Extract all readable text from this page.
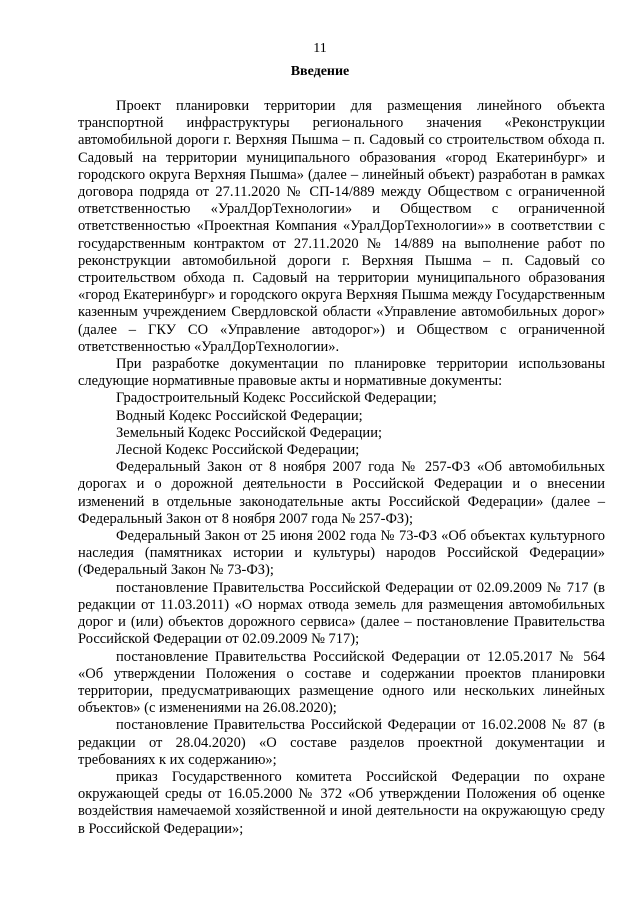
11
Введение

Проект планировки территории для размещения линейного объекта транспортной инфраструктуры регионального значения «Реконструкции автомобильной дороги г. Верхняя Пышма – п. Садовый со строительством обхода п. Садовый на территории муниципального образования «город Екатеринбург» и городского округа Верхняя Пышма» (далее – линейный объект) разработан в рамках договора подряда от 27.11.2020 № СП-14/889 между Обществом с ограниченной ответственностью «УралДорТехнологии» и Обществом с ограниченной ответственностью «Проектная Компания «УралДорТехнологии»» в соответствии с государственным контрактом от 27.11.2020 № 14/889 на выполнение работ по реконструкции автомобильной дороги г. Верхняя Пышма – п. Садовый со строительством обхода п. Садовый на территории муниципального образования «город Екатеринбург» и городского округа Верхняя Пышма между Государственным казенным учреждением Свердловской области «Управление автомобильных дорог» (далее – ГКУ СО «Управление автодорог») и Обществом с ограниченной ответственностью «УралДорТехнологии».

При разработке документации по планировке территории использованы следующие нормативные правовые акты и нормативные документы:

Градостроительный Кодекс Российской Федерации;

Водный Кодекс Российской Федерации;

Земельный Кодекс Российской Федерации;

Лесной Кодекс Российской Федерации;

Федеральный Закон от 8 ноября 2007 года № 257-ФЗ «Об автомобильных дорогах и о дорожной деятельности в Российской Федерации и о внесении изменений в отдельные законодательные акты Российской Федерации» (далее – Федеральный Закон от 8 ноября 2007 года № 257-ФЗ);

Федеральный Закон от 25 июня 2002 года № 73-ФЗ «Об объектах культурного наследия (памятниках истории и культуры) народов Российской Федерации» (Федеральный Закон № 73-ФЗ);

постановление Правительства Российской Федерации от 02.09.2009 № 717 (в редакции от 11.03.2011) «О нормах отвода земель для размещения автомобильных дорог и (или) объектов дорожного сервиса» (далее – постановление Правительства Российской Федерации от 02.09.2009 № 717);

постановление Правительства Российской Федерации от 12.05.2017 № 564 «Об утверждении Положения о составе и содержании проектов планировки территории, предусматривающих размещение одного или нескольких линейных объектов» (с изменениями на 26.08.2020);

постановление Правительства Российской Федерации от 16.02.2008 № 87 (в редакции от 28.04.2020) «О составе разделов проектной документации и требованиях к их содержанию»;

приказ Государственного комитета Российской Федерации по охране окружающей среды от 16.05.2000 № 372 «Об утверждении Положения об оценке воздействия намечаемой хозяйственной и иной деятельности на окружающую среду в Российской Федерации»;
